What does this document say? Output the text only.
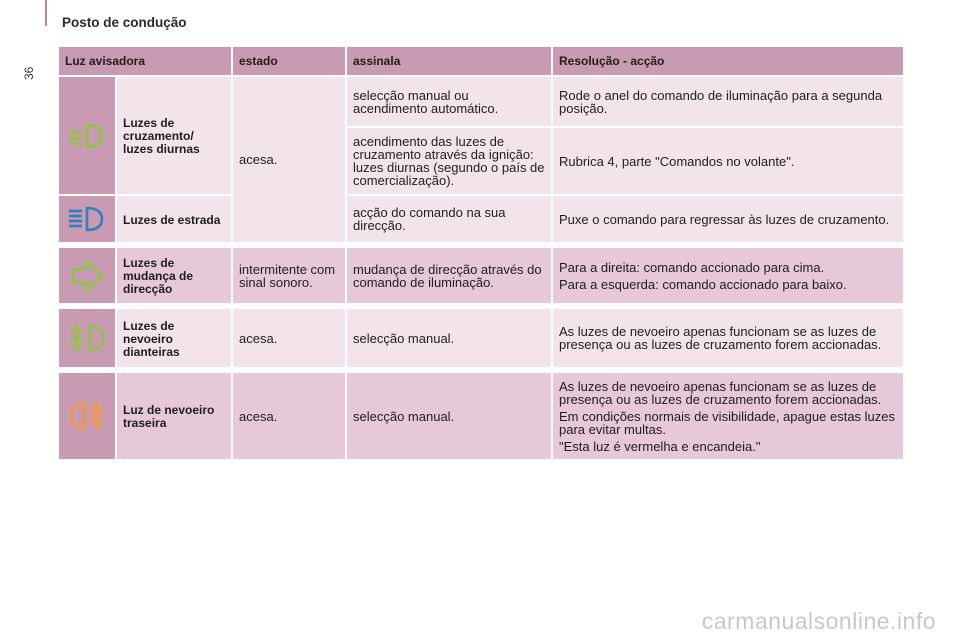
Posto de condução
36
Luz avisadora		estado	assinala	Resolução - acção

	Luzes de cruzamento/ luzes diurnas	acesa.	selecção manual ou acendimento automático.	Rode o anel do comando de iluminação para a segunda posição.
			acendimento das luzes de cruzamento através da ignição: luzes diurnas (segundo o país de comercialização).	Rubrica 4, parte "Comandos no volante".

	Luzes de estrada		acção do comando na sua direcção.	Puxe o comando para regressar às luzes de cruzamento.

	Luzes de mudança de direcção	intermitente com sinal sonoro.	mudança de direcção através do comando de iluminação.	Para a direita: comando accionado para cima.

Para a esquerda: comando accionado para baixo.

	Luzes de nevoeiro dianteiras	acesa.	selecção manual.	As luzes de nevoeiro apenas funcionam se as luzes de presença ou as luzes de cruzamento forem accionadas.

	Luz de nevoeiro traseira	acesa.	selecção manual.	As luzes de nevoeiro apenas funcionam se as luzes de presença ou as luzes de cruzamento forem accionadas.

Em condições normais de visibilidade, apague estas luzes para evitar multas.

"Esta luz é vermelha e encandeia."

carmanualsonline.info
